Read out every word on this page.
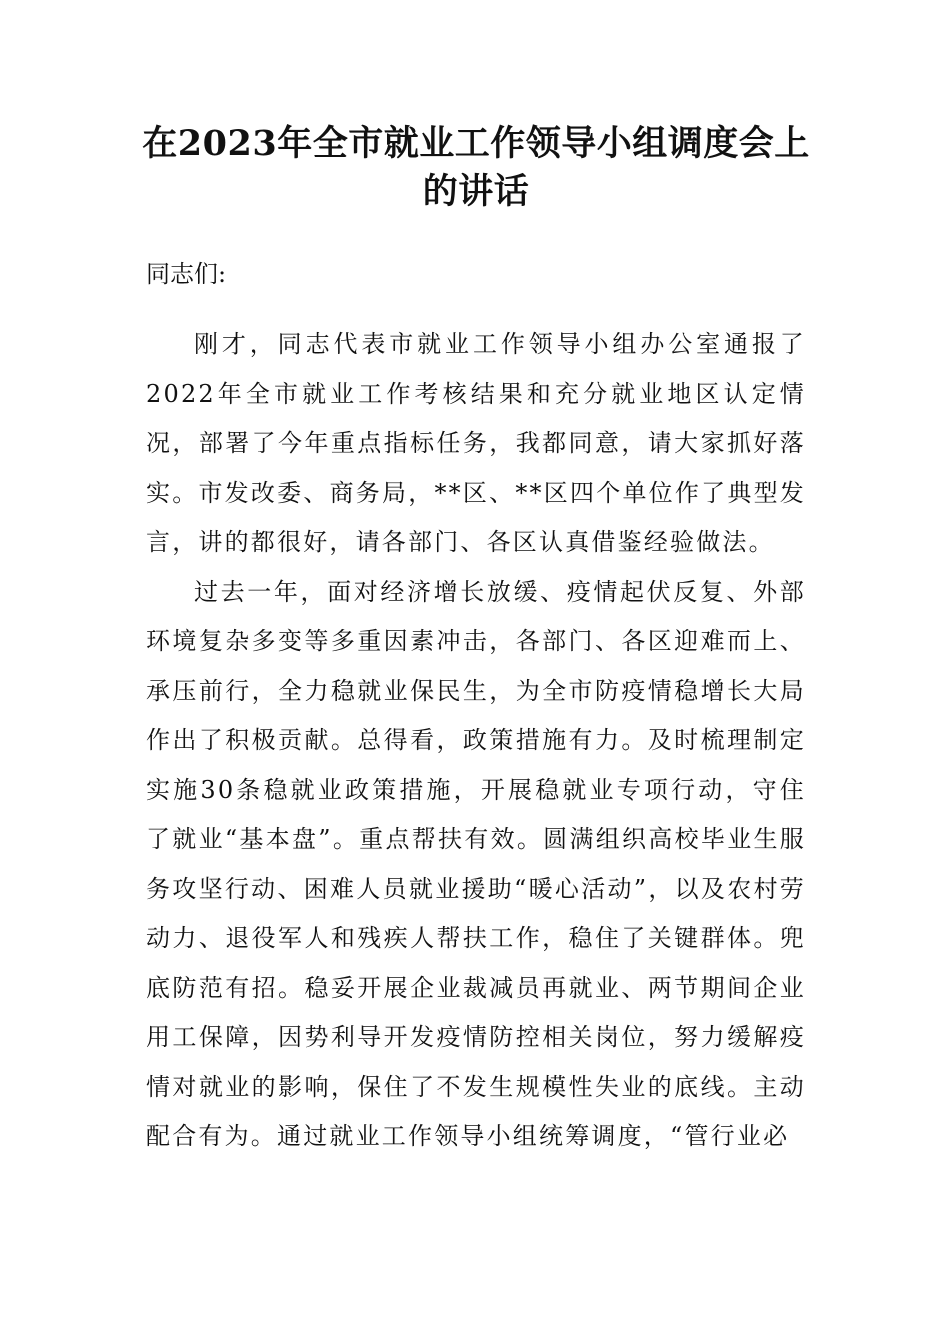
在2023年全市就业工作领导小组调度会上
的讲话
同志们:

刚才，同志代表市就业工作领导小组办公室通报了2022年全市就业工作考核结果和充分就业地区认定情况，部署了今年重点指标任务，我都同意，请大家抓好落实。市发改委、商务局，**区、**区四个单位作了典型发言，讲的都很好，请各部门、各区认真借鉴经验做法。

过去一年，面对经济增长放缓、疫情起伏反复、外部环境复杂多变等多重因素冲击，各部门、各区迎难而上、承压前行，全力稳就业保民生，为全市防疫情稳增长大局作出了积极贡献。总得看，政策措施有力。及时梳理制定实施30条稳就业政策措施，开展稳就业专项行动，守住了就业“基本盘”。重点帮扶有效。圆满组织高校毕业生服务攻坚行动、困难人员就业援助“暖心活动”，以及农村劳动力、退役军人和残疾人帮扶工作，稳住了关键群体。兜底防范有招。稳妥开展企业裁减员再就业、两节期间企业用工保障，因势利导开发疫情防控相关岗位，努力缓解疫情对就业的影响，保住了不发生规模性失业的底线。主动配合有为。通过就业工作领导小组统筹调度，“管行业必
